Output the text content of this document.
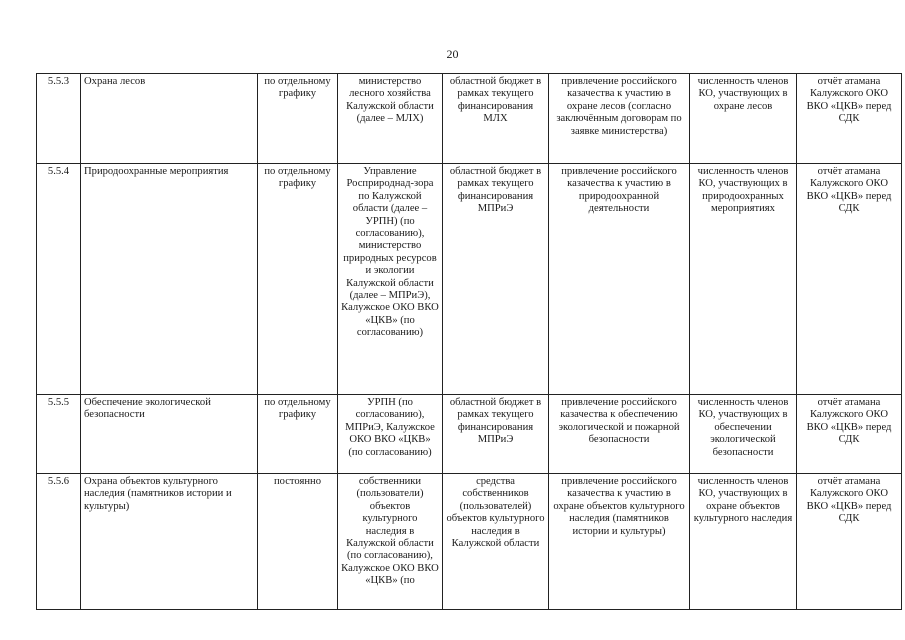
20
5.5.3	Охрана лесов	по отдельному графику	министерство лесного хозяйства Калужской области (далее – МЛХ)	областной бюджет в рамках текущего финансирования МЛХ	привлечение российского казачества к участию в охране лесов (согласно заключённым договорам по заявке министерства)	численность членов КО, участвующих в охране лесов	отчёт атамана Калужского ОКО ВКО «ЦКВ» перед СДК
5.5.4	Природоохранные мероприятия	по отдельному графику	Управление Росприроднад-зора по Калужской области (далее – УРПН) (по согласованию), министерство природных ресурсов и экологии Калужской области (далее – МПРиЭ), Калужское ОКО ВКО «ЦКВ» (по согласованию)	областной бюджет в рамках текущего финансирования МПРиЭ	привлечение российского казачества к участию в природоохранной деятельности	численность членов КО, участвующих в природоохранных мероприятиях	отчёт атамана Калужского ОКО ВКО «ЦКВ» перед СДК
5.5.5	Обеспечение экологической безопасности	по отдельному графику	УРПН (по согласованию), МПРиЭ, Калужское ОКО ВКО «ЦКВ» (по согласованию)	областной бюджет в рамках текущего финансирования МПРиЭ	привлечение российского казачества к обеспечению экологической и пожарной безопасности	численность членов КО, участвующих в обеспечении экологической безопасности	отчёт атамана Калужского ОКО ВКО «ЦКВ» перед СДК
5.5.6	Охрана объектов культурного наследия (памятников истории и культуры)	постоянно	собственники (пользователи) объектов культурного наследия в Калужской области (по согласованию), Калужское ОКО ВКО «ЦКВ» (по	средства собственников (пользователей) объектов культурного наследия в Калужской области	привлечение российского казачества к участию в охране объектов культурного наследия (памятников истории и культуры)	численность членов КО, участвующих в охране объектов культурного наследия	отчёт атамана Калужского ОКО ВКО «ЦКВ» перед СДК
